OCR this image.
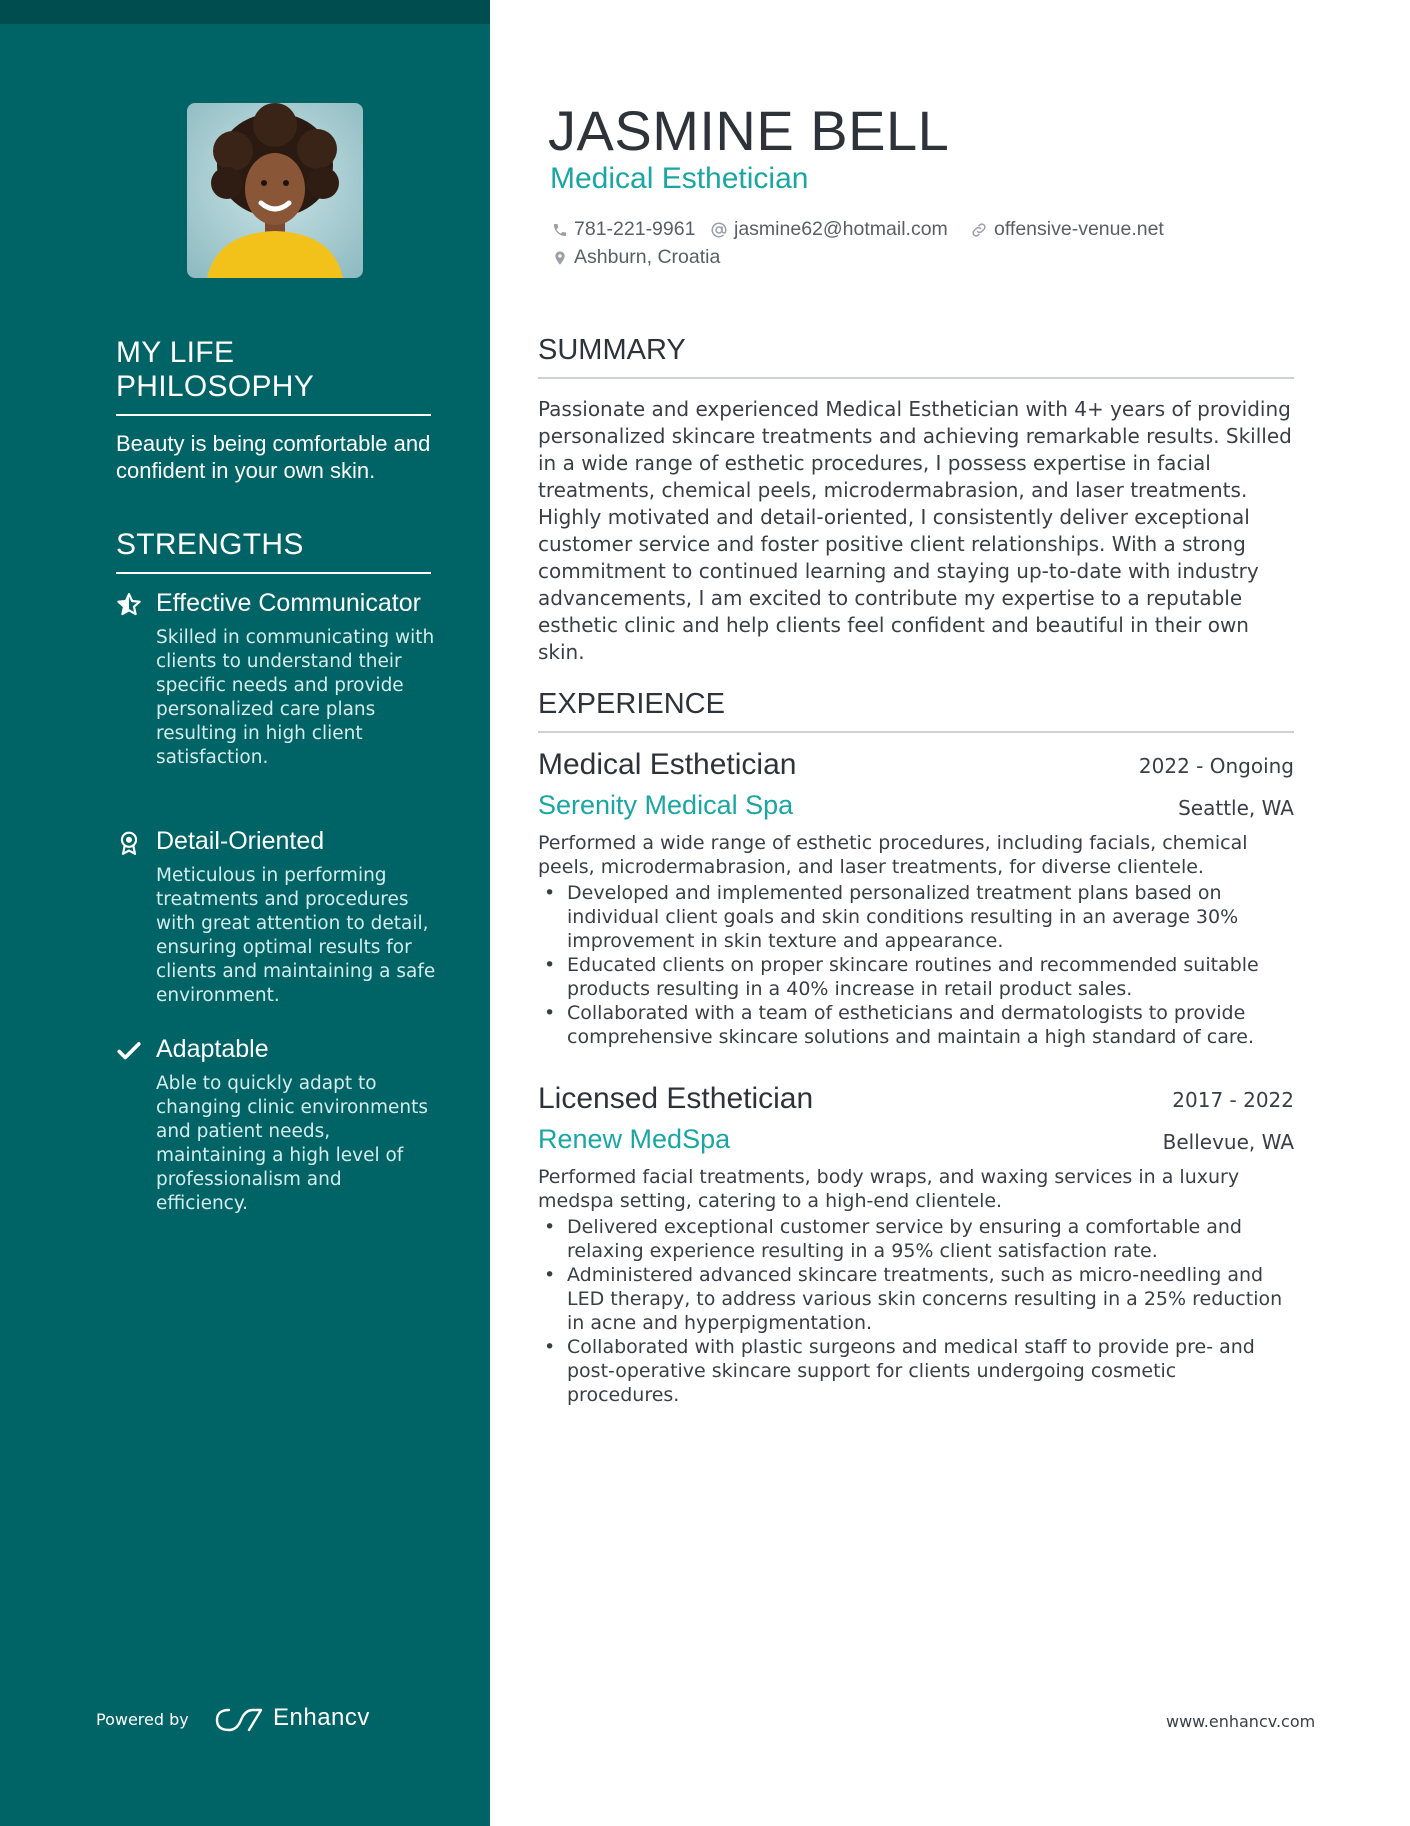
MY LIFE PHILOSOPHY
Beauty is being comfortable and confident in your own skin.
STRENGTHS
Effective Communicator
Skilled in communicating with clients to understand their specific needs and provide personalized care plans resulting in high client satisfaction.
Detail-Oriented
Meticulous in performing treatments and procedures with great attention to detail, ensuring optimal results for clients and maintaining a safe environment.
Adaptable
Able to quickly adapt to changing clinic environments and patient needs, maintaining a high level of professionalism and efficiency.
Powered by	Enhancv
JASMINE BELL
Medical Esthetician
781-221-9961 jasmine62@hotmail.com offensive-venue.net
Ashburn, Croatia
SUMMARY
Passionate and experienced Medical Esthetician with 4+ years of providing personalized skincare treatments and achieving remarkable results. Skilled in a wide range of esthetic procedures, I possess expertise in facial treatments, chemical peels, microdermabrasion, and laser treatments. Highly motivated and detail-oriented, I consistently deliver exceptional customer service and foster positive client relationships. With a strong commitment to continued learning and staying up-to-date with industry advancements, I am excited to contribute my expertise to a reputable esthetic clinic and help clients feel confident and beautiful in their own skin.
EXPERIENCE
Medical Esthetician	2022 - Ongoing
Serenity Medical Spa	Seattle, WA
Performed a wide range of esthetic procedures, including facials, chemical peels, microdermabrasion, and laser treatments, for diverse clientele.
• Developed and implemented personalized treatment plans based on individual client goals and skin conditions resulting in an average 30% improvement in skin texture and appearance.
• Educated clients on proper skincare routines and recommended suitable products resulting in a 40% increase in retail product sales.
• Collaborated with a team of estheticians and dermatologists to provide comprehensive skincare solutions and maintain a high standard of care.
Licensed Esthetician	2017 - 2022
Renew MedSpa	Bellevue, WA
Performed facial treatments, body wraps, and waxing services in a luxury medspa setting, catering to a high-end clientele.
• Delivered exceptional customer service by ensuring a comfortable and relaxing experience resulting in a 95% client satisfaction rate.
• Administered advanced skincare treatments, such as micro-needling and LED therapy, to address various skin concerns resulting in a 25% reduction in acne and hyperpigmentation.
• Collaborated with plastic surgeons and medical staff to provide pre- and post-operative skincare support for clients undergoing cosmetic procedures.
www.enhancv.com
